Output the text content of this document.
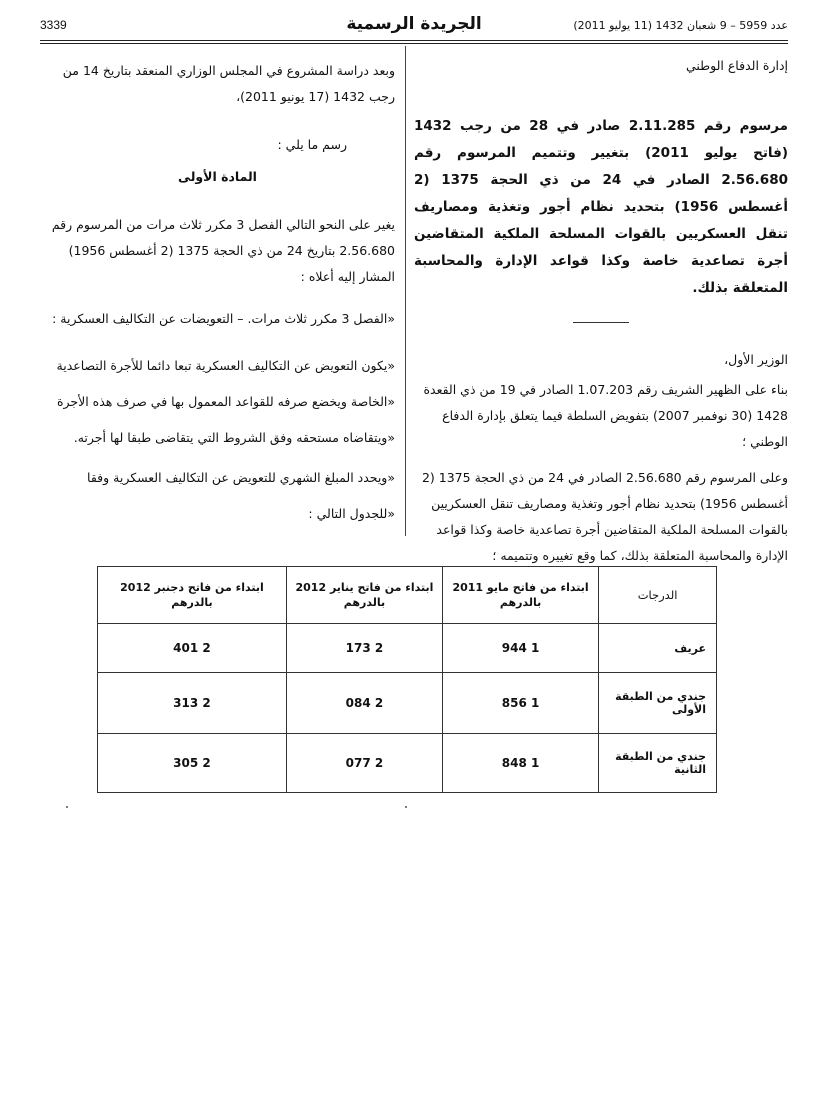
3339	الجريدة الرسمية	عدد 5959 – 9 شعبان 1432 (11 يوليو 2011)

إدارة الدفاع الوطني

مرسوم رقم 2.11.285 صادر في 28 من رجب 1432 (فاتح يوليو 2011) بتغيير وتتميم المرسوم رقم 2.56.680 الصادر في 24 من ذي الحجة 1375 (2 أغسطس 1956) بتحديد نظام أجور وتغذية ومصاريف تنقل العسكريين بالقوات المسلحة الملكية المتقاضين أجرة تصاعدية خاصة وكذا قواعد الإدارة والمحاسبة المتعلقة بذلك.

الوزير الأول،

بناء على الظهير الشريف رقم 1.07.203 الصادر في 19 من ذي القعدة 1428 (30 نوفمبر 2007) بتفويض السلطة فيما يتعلق بإدارة الدفاع الوطني ؛

وعلى المرسوم رقم 2.56.680 الصادر في 24 من ذي الحجة 1375 (2 أغسطس 1956) بتحديد نظام أجور وتغذية ومصاريف تنقل العسكريين بالقوات المسلحة الملكية المتقاضين أجرة تصاعدية خاصة وكذا قواعد الإدارة والمحاسبة المتعلقة بذلك، كما وقع تغييره وتتميمه ؛

وبعد دراسة المشروع في المجلس الوزاري المنعقد بتاريخ 14 من رجب 1432 (17 يونيو 2011)،

رسم ما يلي :

المادة الأولى

يغير على النحو التالي الفصل 3 مكرر ثلاث مرات من المرسوم رقم 2.56.680 بتاريخ 24 من ذي الحجة 1375 (2 أغسطس 1956) المشار إليه أعلاه :

«الفصل 3 مكرر ثلاث مرات. – التعويضات عن التكاليف العسكرية :

«يكون التعويض عن التكاليف العسكرية تبعا دائما للأجرة التصاعدية «الخاصة ويخضع صرفه للقواعد المعمول بها في صرف هذه الأجرة «ويتقاضاه مستحقه وفق الشروط التي يتقاضى طبقا لها أجرته.

«ويحدد المبلغ الشهري للتعويض عن التكاليف العسكرية وفقا «للجدول التالي :

الدرجات	ابتداء من فاتح مايو 2011 بالدرهم	ابتداء من فاتح يناير 2012 بالدرهم	ابتداء من فاتح دجنبر 2012 بالدرهم
عريف	1 944	2 173	2 401
جندي من الطبقة الأولى	1 856	2 084	2 313
جندي من الطبقة الثانية	1 848	2 077	2 305
